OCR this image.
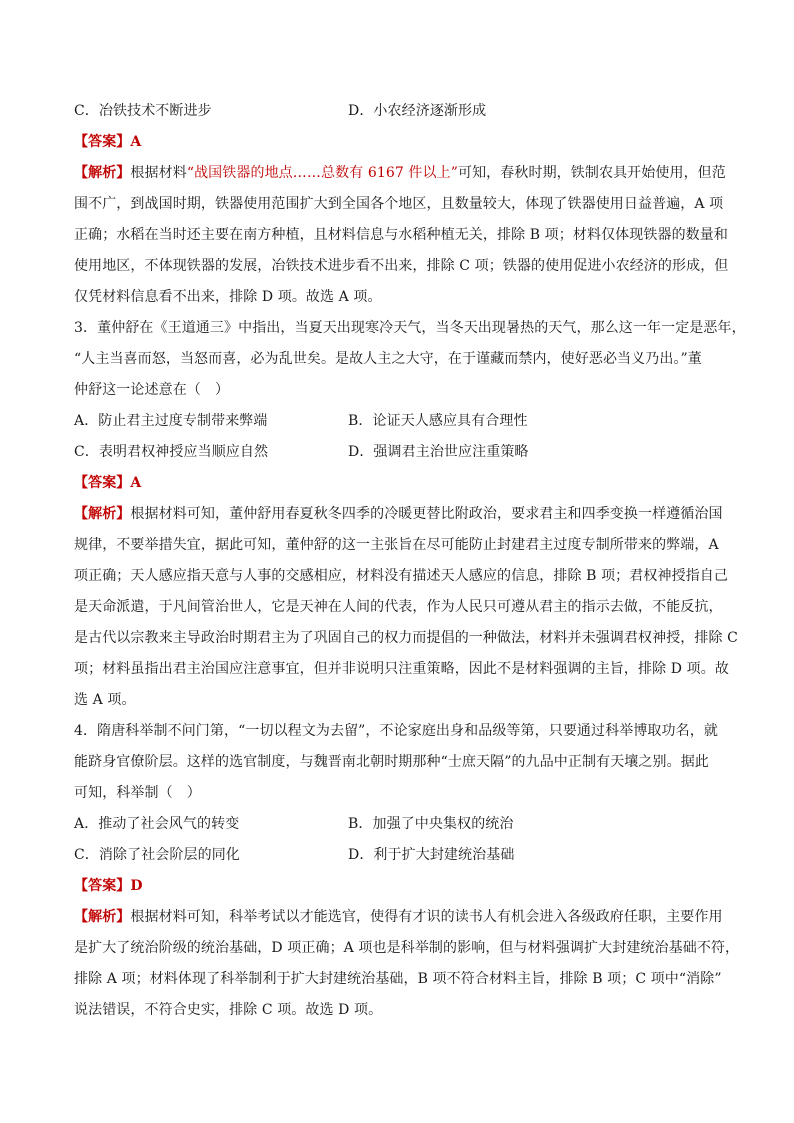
C．冶铁技术不断进步	D．小农经济逐渐形成
【答案】A
【解析】根据材料“战国铁器的地点……总数有 6167 件以上”可知，春秋时期，铁制农具开始使用，但范
围不广，到战国时期，铁器使用范围扩大到全国各个地区，且数量较大，体现了铁器使用日益普遍，A 项
正确；水稻在当时还主要在南方种植，且材料信息与水稻种植无关，排除 B 项；材料仅体现铁器的数量和
使用地区，不体现铁器的发展，冶铁技术进步看不出来，排除 C 项；铁器的使用促进小农经济的形成，但
仅凭材料信息看不出来，排除 D 项。故选 A 项。
3．董仲舒在《王道通三》中指出，当夏天出现寒冷天气，当冬天出现暑热的天气，那么这一年一定是恶年，
“人主当喜而怒，当怒而喜，必为乱世矣。是故人主之大守，在于谨藏而禁内，使好恶必当义乃出。”董
仲舒这一论述意在（　）
A．防止君主过度专制带来弊端	B．论证天人感应具有合理性
C．表明君权神授应当顺应自然	D．强调君主治世应注重策略
【答案】A
【解析】根据材料可知，董仲舒用春夏秋冬四季的冷暖更替比附政治，要求君主和四季变换一样遵循治国
规律，不要举措失宜，据此可知，董仲舒的这一主张旨在尽可能防止封建君主过度专制所带来的弊端，A
项正确；天人感应指天意与人事的交感相应，材料没有描述天人感应的信息，排除 B 项；君权神授指自己
是天命派遣，于凡间管治世人，它是天神在人间的代表，作为人民只可遵从君主的指示去做，不能反抗，
是古代以宗教来主导政治时期君主为了巩固自己的权力而提倡的一种做法，材料并未强调君权神授，排除 C
项；材料虽指出君主治国应注意事宜，但并非说明只注重策略，因此不是材料强调的主旨，排除 D 项。故
选 A 项。
4．隋唐科举制不问门第，“一切以程文为去留”，不论家庭出身和品级等第，只要通过科举博取功名，就
能跻身官僚阶层。这样的选官制度，与魏晋南北朝时期那种“士庶天隔”的九品中正制有天壤之别。据此
可知，科举制（　）
A．推动了社会风气的转变	B．加强了中央集权的统治
C．消除了社会阶层的同化	D．利于扩大封建统治基础
【答案】D
【解析】根据材料可知，科举考试以才能选官，使得有才识的读书人有机会进入各级政府任职，主要作用
是扩大了统治阶级的统治基础，D 项正确；A 项也是科举制的影响，但与材料强调扩大封建统治基础不符，
排除 A 项；材料体现了科举制利于扩大封建统治基础，B 项不符合材料主旨，排除 B 项；C 项中“消除”
说法错误，不符合史实，排除 C 项。故选 D 项。
